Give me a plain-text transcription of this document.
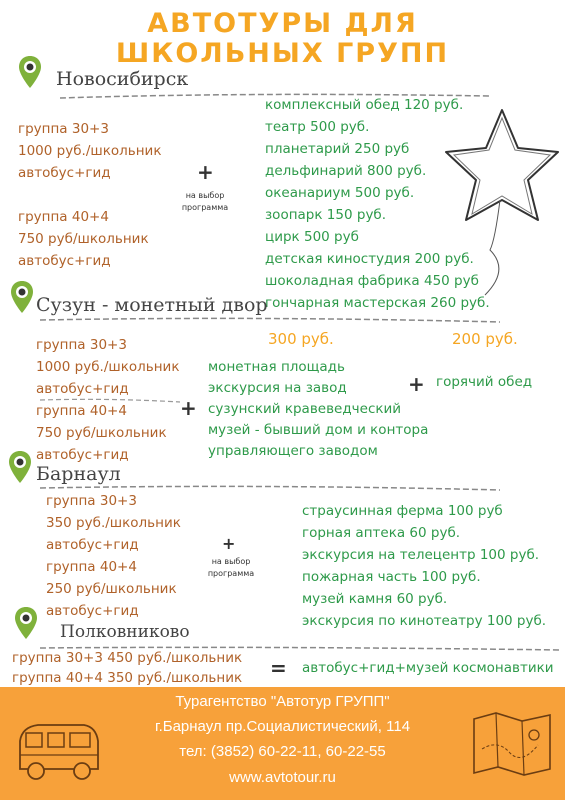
АВТОТУРЫ ДЛЯ
ШКОЛЬНЫХ ГРУПП
Новосибирск
группа 30+3
1000 руб./школьник
автобус+гид
группа 40+4
750 руб/школьник
автобус+гид
+
на выбор
программа
комплексный обед 120 руб.
театр 500 руб.
планетарий 250 руб
дельфинарий 800 руб.
океанариум 500 руб.
зоопарк 150 руб.
цирк 500 руб
детская киностудия 200 руб.
шоколадная фабрика 450 руб
гончарная мастерская 260 руб.
Сузун - монетный двор
300 руб.	200 руб.
группа 30+3
1000 руб./школьник
автобус+гид
группа 40+4
750 руб/школьник
автобус+гид
+
монетная площадь
экскурсия на завод
сузунский кравеведческий
музей - бывший дом и контора
управляющего заводом
+ горячий обед
Барнаул
группа 30+3
350 руб./школьник
автобус+гид
группа 40+4
250 руб/школьник
автобус+гид
+
на выбор
программа
страусинная ферма 100 руб
горная аптека 60 руб.
экскурсия на телецентр 100 руб.
пожарная часть 100 руб.
музей камня 60 руб.
экскурсия по кинотеатру 100 руб.
Полковниково
группа 30+3 450 руб./школьник
группа 40+4 350 руб./школьник = автобус+гид+музей космонавтики
Турагентство "Автотур ГРУПП"
г.Барнаул пр.Социалистический, 114
тел: (3852) 60-22-11, 60-22-55
www.avtotour.ru
